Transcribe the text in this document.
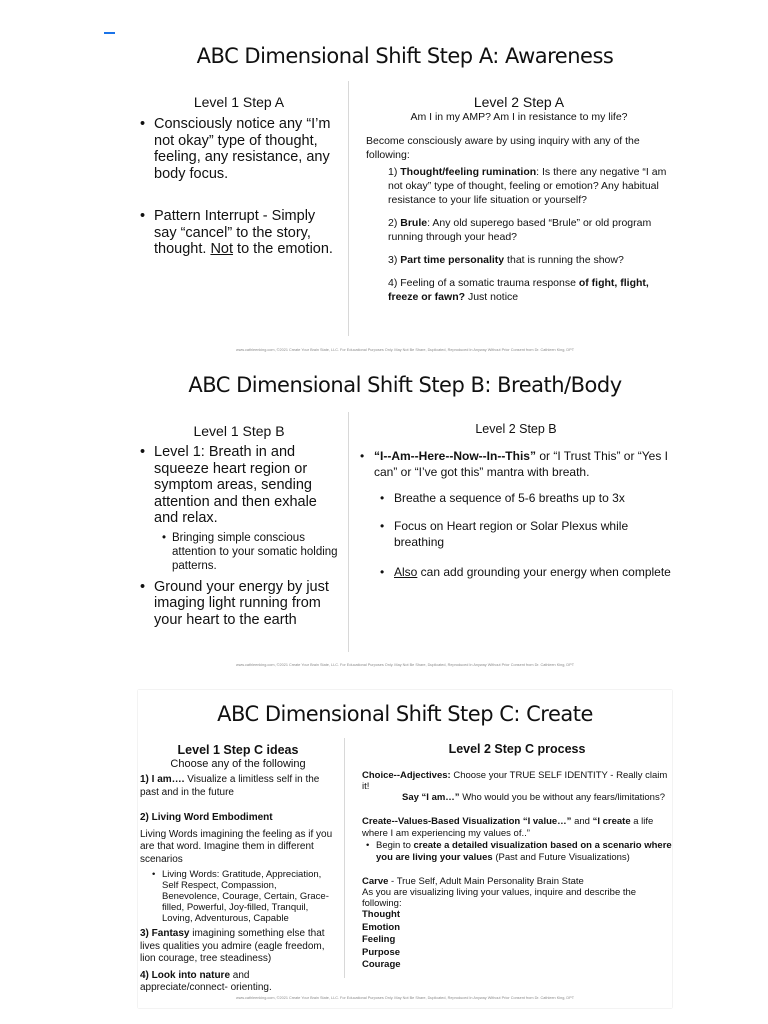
ABC Dimensional Shift Step A: Awareness
Level 1 Step A
• Consciously notice any “I’m not okay” type of thought, feeling, any resistance, any body focus.
• Pattern Interrupt - Simply say “cancel” to the story, thought. Not to the emotion.
Level 2 Step A
Am I in my AMP? Am I in resistance to my life?
Become consciously aware by using inquiry with any of the following:
1) Thought/feeling rumination: Is there any negative “I am not okay” type of thought, feeling or emotion? Any habitual resistance to your life situation or yourself?
2) Brule: Any old superego based “Brule” or old program running through your head?
3) Part time personality that is running the show?
4) Feeling of a somatic trauma response of fight, flight, freeze or fawn? Just notice
www.cathleenking.com, ©2021 Create Your Brain State, LLC. For Educational Purposes Only. May Not Be Share, Duplicated, Reproduced In Anyway Without Prior Consent from Dr. Cathleen King, DPT
ABC Dimensional Shift Step B: Breath/Body
Level 1 Step B
• Level 1: Breath in and squeeze heart region or symptom areas, sending attention and then exhale and relax.
• Bringing simple conscious attention to your somatic holding patterns.
• Ground your energy by just imaging light running from your heart to the earth
Level 2 Step B
• “I--Am--Here--Now--In--This” or “I Trust This” or “Yes I can” or “I’ve got this” mantra with breath.
• Breathe a sequence of 5-6 breaths up to 3x
• Focus on Heart region or Solar Plexus while breathing
• Also can add grounding your energy when complete
www.cathleenking.com, ©2021 Create Your Brain State, LLC. For Educational Purposes Only. May Not Be Share, Duplicated, Reproduced In Anyway Without Prior Consent from Dr. Cathleen King, DPT
ABC Dimensional Shift Step C: Create
Level 1 Step C ideas
Choose any of the following
1) I am…. Visualize a limitless self in the past and in the future
2) Living Word Embodiment
Living Words imagining the feeling as if you are that word. Imagine them in different scenarios
• Living Words: Gratitude, Appreciation, Self Respect, Compassion, Benevolence, Courage, Certain, Grace-filled, Powerful, Joy-filled, Tranquil, Loving, Adventurous, Capable
3) Fantasy imagining something else that lives qualities you admire (eagle freedom, lion courage, tree steadiness)
4) Look into nature and appreciate/connect- orienting.
Level 2 Step C process
Choice--Adjectives: Choose your TRUE SELF IDENTITY - Really claim it!
Say “I am…” Who would you be without any fears/limitations?
Create--Values-Based Visualization “I value…” and “I create a life where I am experiencing my values of..”
• Begin to create a detailed visualization based on a scenario where you are living your values (Past and Future Visualizations)
Carve - True Self, Adult Main Personality Brain State
As you are visualizing living your values, inquire and describe the following:
Thought
Emotion
Feeling
Purpose
Courage
www.cathleenking.com, ©2021 Create Your Brain State, LLC. For Educational Purposes Only. May Not Be Share, Duplicated, Reproduced In Anyway Without Prior Consent from Dr. Cathleen King, DPT
